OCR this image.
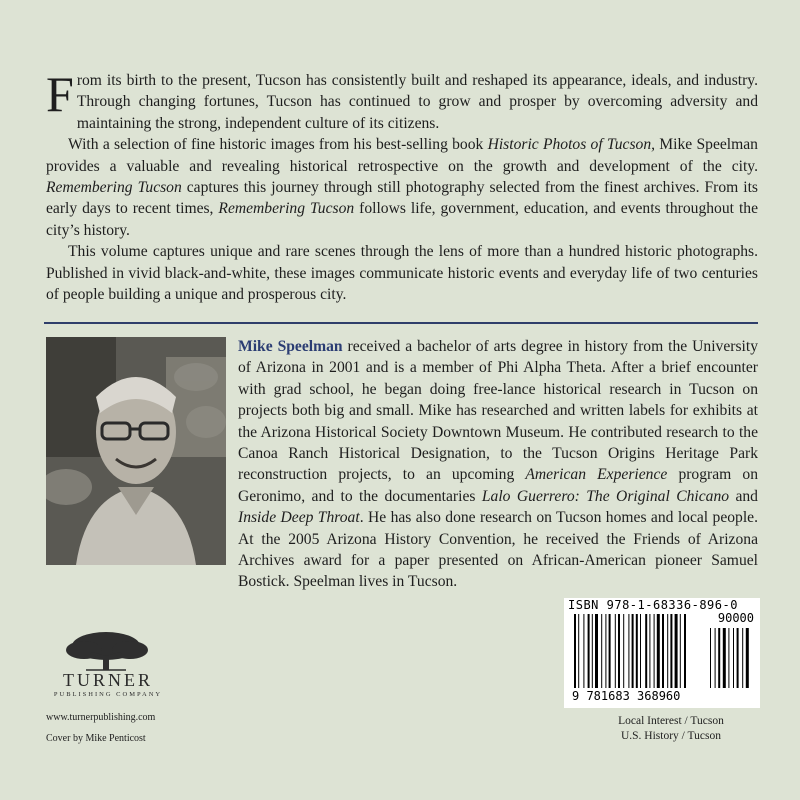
From its birth to the present, Tucson has consistently built and reshaped its appearance, ideals, and industry. Through changing fortunes, Tucson has continued to grow and prosper by overcoming adversity and maintaining the strong, independent culture of its citizens.

With a selection of fine historic images from his best-selling book Historic Photos of Tucson, Mike Speelman provides a valuable and revealing historical retrospective on the growth and development of the city. Remembering Tucson captures this journey through still photography selected from the finest archives. From its early days to recent times, Remembering Tucson follows life, government, education, and events throughout the city’s history.

This volume captures unique and rare scenes through the lens of more than a hundred historic photographs. Published in vivid black-and-white, these images communicate historic events and everyday life of two centuries of people building a unique and prosperous city.

Mike Speelman received a bachelor of arts degree in history from the University of Arizona in 2001 and is a member of Phi Alpha Theta. After a brief encounter with grad school, he began doing free-lance historical research in Tucson on projects both big and small. Mike has researched and written labels for exhibits at the Arizona Historical Society Downtown Museum. He contributed research to the Canoa Ranch Historical Designation, to the Tucson Origins Heritage Park reconstruction projects, to an upcoming American Experience program on Geronimo, and to the documentaries Lalo Guerrero: The Original Chicano and Inside Deep Throat. He has also done research on Tucson homes and local people. At the 2005 Arizona History Convention, he received the Friends of Arizona Archives award for a paper presented on African-American pioneer Samuel Bostick. Speelman lives in Tucson.

TURNER
PUBLISHING COMPANY
www.turnerpublishing.com
Cover by Mike Penticost
ISBN 978-1-68336-896-0
90000
9 781683 368960
Local Interest / Tucson
U.S. History / Tucson
